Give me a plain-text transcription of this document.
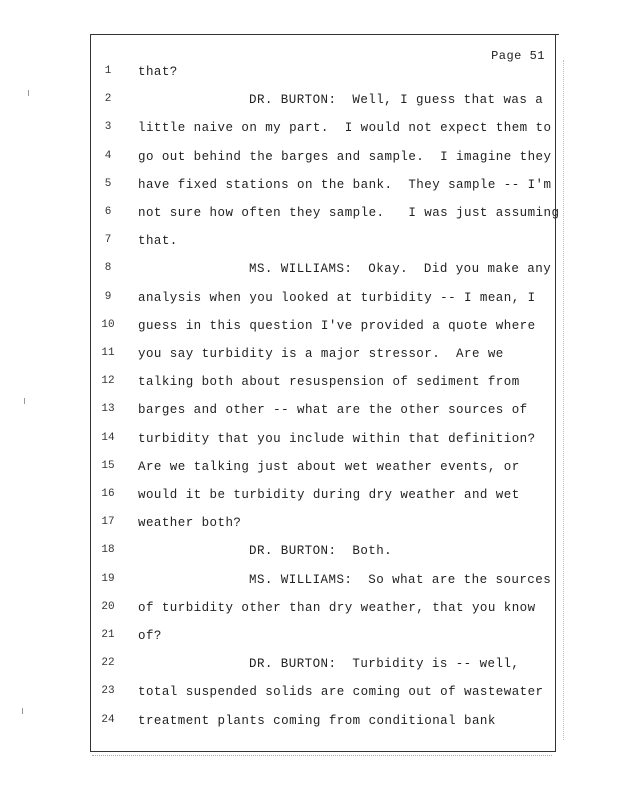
Page 51
1	that?
2	DR. BURTON:  Well, I guess that was a
3	little naive on my part.  I would not expect them to
4	go out behind the barges and sample.  I imagine they
5	have fixed stations on the bank.  They sample -- I'm
6	not sure how often they sample.   I was just assuming
7	that.
8	MS. WILLIAMS:  Okay.  Did you make any
9	analysis when you looked at turbidity -- I mean, I
10	guess in this question I've provided a quote where
11	you say turbidity is a major stressor.  Are we
12	talking both about resuspension of sediment from
13	barges and other -- what are the other sources of
14	turbidity that you include within that definition?
15	Are we talking just about wet weather events, or
16	would it be turbidity during dry weather and wet
17	weather both?
18	DR. BURTON:  Both.
19	MS. WILLIAMS:  So what are the sources
20	of turbidity other than dry weather, that you know
21	of?
22	DR. BURTON:  Turbidity is -- well,
23	total suspended solids are coming out of wastewater
24	treatment plants coming from conditional bank
